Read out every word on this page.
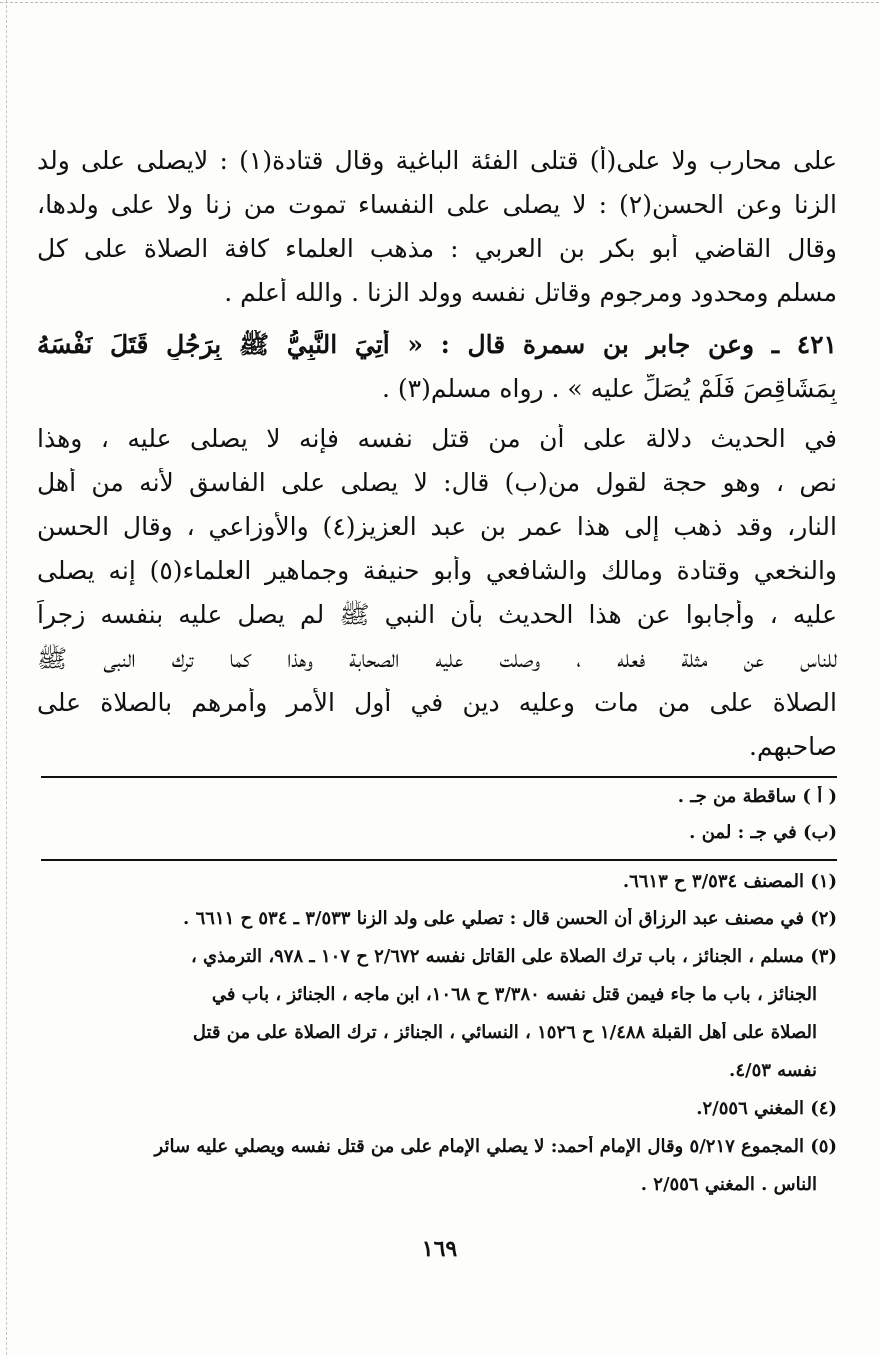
على محارب ولا على(أ) قتلى الفئة الباغية وقال قتادة(١) : لايصلى على ولد
الزنا وعن الحسن(٢) : لا يصلى على النفساء تموت من زنا ولا على ولدها،
وقال القاضي أبو بكر بن العربي : مذهب العلماء كافة الصلاة على كل
مسلم ومحدود ومرجوم وقاتل نفسه وولد الزنا . والله أعلم .
٤٢١ ـ وعن جابر بن سمرة قال : « أُتِيَ النَّبِيُّ ﷺ بِرَجُلٍ قَتَلَ نَفْسَهُ
بِمَشَاقِصَ فَلَمْ يُصَلِّ عليه » . رواه مسلم(٣) .
في الحديث دلالة على أن من قتل نفسه فإنه لا يصلى عليه ، وهذا
نص ، وهو حجة لقول من(ب) قال: لا يصلى على الفاسق لأنه من أهل
النار، وقد ذهب إلى هذا عمر بن عبد العزيز(٤) والأوزاعي ، وقال الحسن
والنخعي وقتادة ومالك والشافعي وأبو حنيفة وجماهير العلماء(٥) إنه يصلى
عليه ، وأجابوا عن هذا الحديث بأن النبي ﷺ لم يصل عليه بنفسه زجراً
للناس عن مثلة فعله ، وصلت عليه الصحابة وهذا كما ترك النبي ﷺ
الصلاة على من مات وعليه دين في أول الأمر وأمرهم بالصلاة على
صاحبهم.
( أ ) ساقطة من جـ .
(ب) في جـ : لمن .
(١) المصنف ٣/٥٣٤ ح ٦٦١٣.
(٢) في مصنف عبد الرزاق أن الحسن قال : تصلي على ولد الزنا ٣/٥٣٣ ـ ٥٣٤ ح ٦٦١١ .
(٣) مسلم ، الجنائز ، باب ترك الصلاة على القاتل نفسه ٢/٦٧٢ ح ١٠٧ ـ ٩٧٨، الترمذي ،
الجنائز ، باب ما جاء فيمن قتل نفسه ٣/٣٨٠ ح ١٠٦٨، ابن ماجه ، الجنائز ، باب في
الصلاة على أهل القبلة ١/٤٨٨ ح ١٥٢٦ ، النسائي ، الجنائز ، ترك الصلاة على من قتل
نفسه ٤/٥٣.
(٤) المغني ٢/٥٥٦.
(٥) المجموع ٥/٢١٧ وقال الإمام أحمد: لا يصلي الإمام على من قتل نفسه ويصلي عليه سائر
الناس . المغني ٢/٥٥٦ .
١٦٩
